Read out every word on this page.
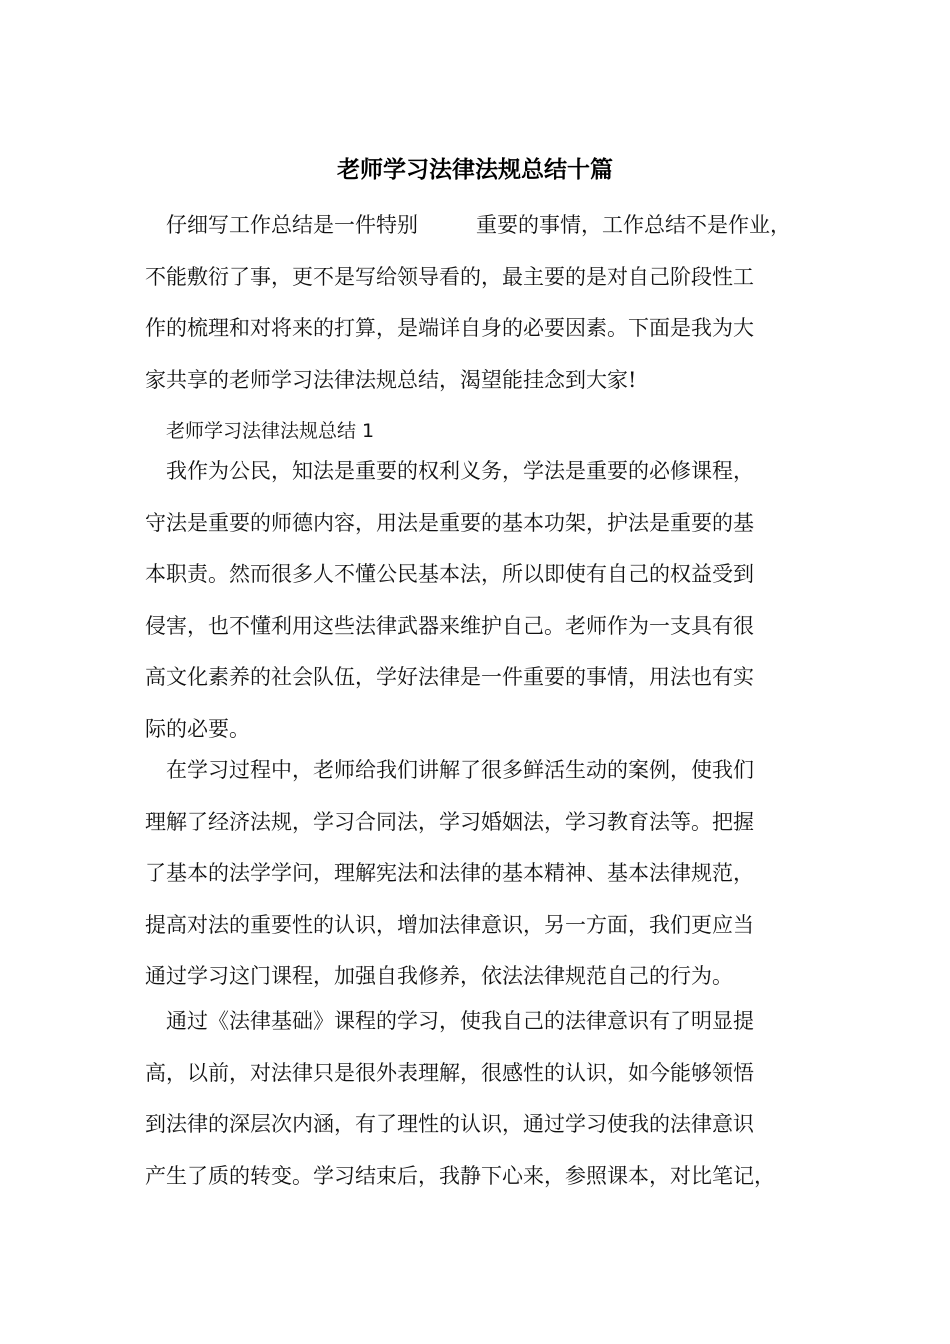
老师学习法律法规总结十篇
仔细写工作总结是一件特别	重要的事情，工作总结不是作业，
不能敷衍了事，更不是写给领导看的，最主要的是对自己阶段性工
作的梳理和对将来的打算，是端详自身的必要因素。下面是我为大
家共享的老师学习法律法规总结，渴望能挂念到大家!
老师学习法律法规总结 1
我作为公民，知法是重要的权利义务，学法是重要的必修课程，
守法是重要的师德内容，用法是重要的基本功架，护法是重要的基
本职责。然而很多人不懂公民基本法，所以即使有自己的权益受到
侵害，也不懂利用这些法律武器来维护自己。老师作为一支具有很
高文化素养的社会队伍，学好法律是一件重要的事情，用法也有实
际的必要。
在学习过程中，老师给我们讲解了很多鲜活生动的案例，使我们
理解了经济法规，学习合同法，学习婚姻法，学习教育法等。把握
了基本的法学学问，理解宪法和法律的基本精神、基本法律规范，
提高对法的重要性的认识，增加法律意识，另一方面，我们更应当
通过学习这门课程，加强自我修养，依法法律规范自己的行为。
通过《法律基础》课程的学习，使我自己的法律意识有了明显提
高，以前，对法律只是很外表理解，很感性的认识，如今能够领悟
到法律的深层次内涵，有了理性的认识，通过学习使我的法律意识
产生了质的转变。学习结束后，我静下心来，参照课本，对比笔记，
